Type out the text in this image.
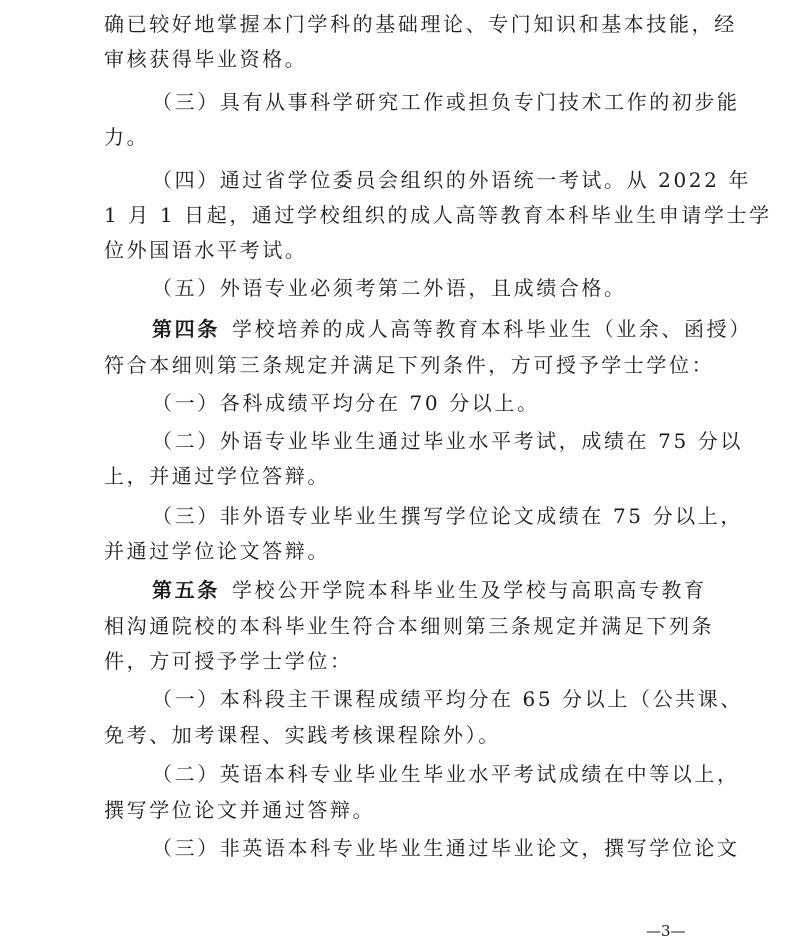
确已较好地掌握本门学科的基础理论、专门知识和基本技能，经
审核获得毕业资格。
（三）具有从事科学研究工作或担负专门技术工作的初步能
力。
（四）通过省学位委员会组织的外语统一考试。从 2022 年
1 月 1 日起，通过学校组织的成人高等教育本科毕业生申请学士学
位外国语水平考试。
（五）外语专业必须考第二外语，且成绩合格。
第四条 学校培养的成人高等教育本科毕业生（业余、函授）
符合本细则第三条规定并满足下列条件，方可授予学士学位：
（一）各科成绩平均分在 70 分以上。
（二）外语专业毕业生通过毕业水平考试，成绩在 75 分以
上，并通过学位答辩。
（三）非外语专业毕业生撰写学位论文成绩在 75 分以上，
并通过学位论文答辩。
第五条 学校公开学院本科毕业生及学校与高职高专教育
相沟通院校的本科毕业生符合本细则第三条规定并满足下列条
件，方可授予学士学位：
（一）本科段主干课程成绩平均分在 65 分以上（公共课、
免考、加考课程、实践考核课程除外）。
（二）英语本科专业毕业生毕业水平考试成绩在中等以上，
撰写学位论文并通过答辩。
（三）非英语本科专业毕业生通过毕业论文，撰写学位论文
—3—
